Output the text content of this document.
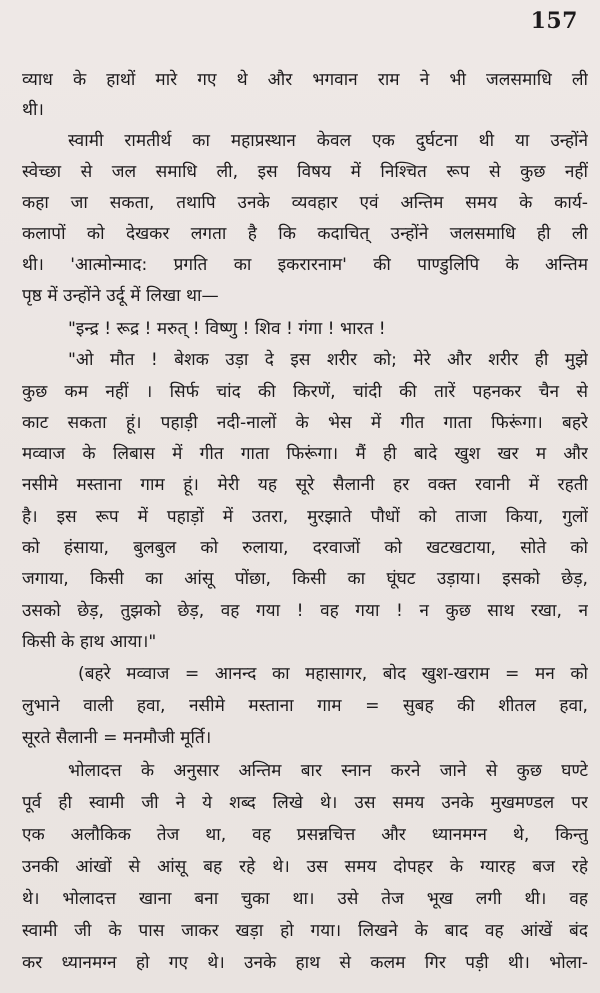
157
व्याध के हाथों मारे गए थे और भगवान राम ने भी जलसमाधि ली
थी।
स्वामी रामतीर्थ का महाप्रस्थान केवल एक दुर्घटना थी या उन्होंने
स्वेच्छा से जल समाधि ली, इस विषय में निश्चित रूप से कुछ नहीं
कहा जा सकता, तथापि उनके व्यवहार एवं अन्तिम समय के कार्य-
कलापों को देखकर लगता है कि कदाचित् उन्होंने जलसमाधि ही ली
थी। 'आत्मोन्माद: प्रगति का इकरारनाम' की पाण्डुलिपि के अन्तिम
पृष्ठ में उन्होंने उर्दू में लिखा था—
"इन्द्र ! रूद्र ! मरुत् ! विष्णु ! शिव ! गंगा ! भारत !
"ओ मौत ! बेशक उड़ा दे इस शरीर को; मेरे और शरीर ही मुझे
कुछ कम नहीं । सिर्फ चांद की किरणें, चांदी की तारें पहनकर चैन से
काट सकता हूं। पहाड़ी नदी-नालों के भेस में गीत गाता फिरूंगा। बहरे
मव्वाज के लिबास में गीत गाता फिरूंगा। मैं ही बादे खुश खर म और
नसीमे मस्ताना गाम हूं। मेरी यह सूरे सैलानी हर वक्त रवानी में रहती
है। इस रूप में पहाड़ों में उतरा, मुरझाते पौधों को ताजा किया, गुलों
को हंसाया, बुलबुल को रुलाया, दरवाजों को खटखटाया, सोते को
जगाया, किसी का आंसू पोंछा, किसी का घूंघट उड़ाया। इसको छेड़,
उसको छेड़, तुझको छेड़, वह गया ! वह गया ! न कुछ साथ रखा, न
किसी के हाथ आया।"
(बहरे मव्वाज = आनन्द का महासागर, बोद खुश-खराम = मन को
लुभाने वाली हवा, नसीमे मस्ताना गाम = सुबह की शीतल हवा,
सूरते सैलानी = मनमौजी मूर्ति।
भोलादत्त के अनुसार अन्तिम बार स्नान करने जाने से कुछ घण्टे
पूर्व ही स्वामी जी ने ये शब्द लिखे थे। उस समय उनके मुखमण्डल पर
एक अलौकिक तेज था, वह प्रसन्नचित्त और ध्यानमग्न थे, किन्तु
उनकी आंखों से आंसू बह रहे थे। उस समय दोपहर के ग्यारह बज रहे
थे। भोलादत्त खाना बना चुका था। उसे तेज भूख लगी थी। वह
स्वामी जी के पास जाकर खड़ा हो गया। लिखने के बाद वह आंखें बंद
कर ध्यानमग्न हो गए थे। उनके हाथ से कलम गिर पड़ी थी। भोला-
